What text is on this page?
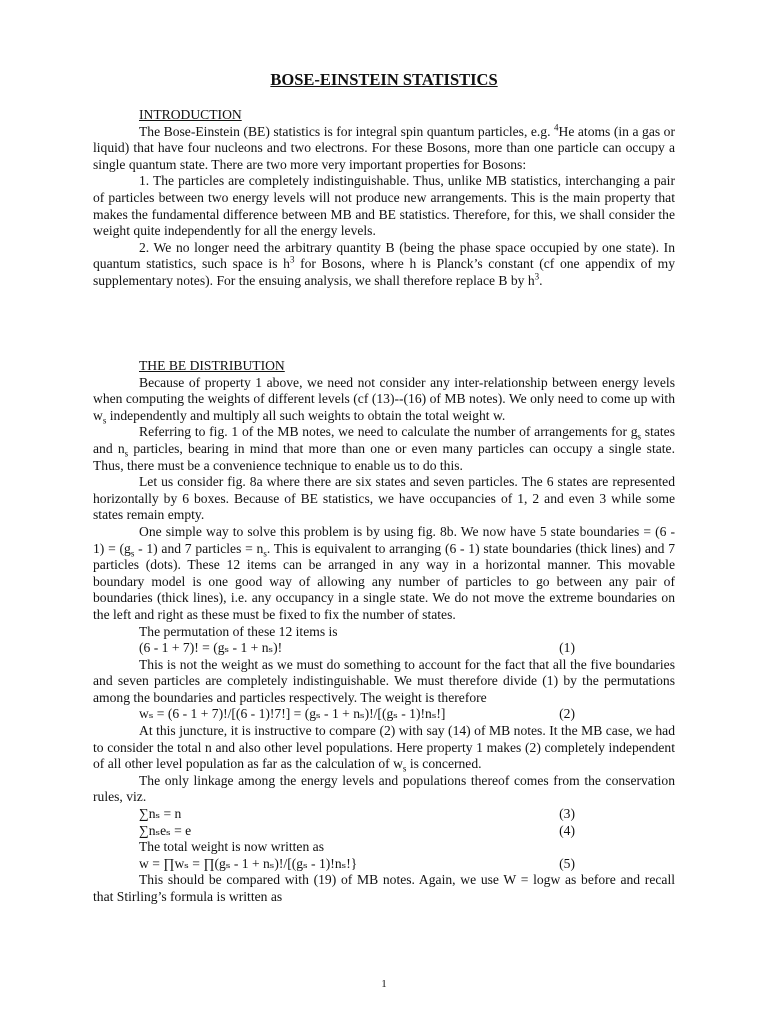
BOSE-EINSTEIN STATISTICS

INTRODUCTION

The Bose-Einstein (BE) statistics is for integral spin quantum particles, e.g. $^4$He atoms (in a gas or liquid) that have four nucleons and two electrons. For these Bosons, more than one particle can occupy a single quantum state. There are two more very important properties for Bosons:

1. The particles are completely indistinguishable. Thus, unlike MB statistics, interchanging a pair of particles between two energy levels will not produce new arrangements. This is the main property that makes the fundamental difference between MB and BE statistics. Therefore, for this, we shall consider the weight quite independently for all the energy levels.

2. We no longer need the arbitrary quantity B (being the phase space occupied by one state). In quantum statistics, such space is $h^3$ for Bosons, where h is Planck’s constant (cf one appendix of my supplementary notes). For the ensuing analysis, we shall therefore replace B by $h^3$.

THE BE DISTRIBUTION

Because of property 1 above, we need not consider any inter-relationship between energy levels when computing the weights of different levels (cf (13)--(16) of MB notes). We only need to come up with $w_s$ independently and multiply all such weights to obtain the total weight w.

Referring to fig. 1 of the MB notes, we need to calculate the number of arrangements for $g_s$ states and $n_s$ particles, bearing in mind that more than one or even many particles can occupy a single state. Thus, there must be a convenience technique to enable us to do this.

Let us consider fig. 8a where there are six states and seven particles. The 6 states are represented horizontally by 6 boxes. Because of BE statistics, we have occupancies of 1, 2 and even 3 while some states remain empty.

One simple way to solve this problem is by using fig. 8b. We now have 5 state boundaries = $(6 - 1) = (g_s - 1)$ and 7 particles = $n_s$. This is equivalent to arranging (6 - 1) state boundaries (thick lines) and 7 particles (dots). These 12 items can be arranged in any way in a horizontal manner. This movable boundary model is one good way of allowing any number of particles to go between any pair of boundaries (thick lines), i.e. any occupancy in a single state. We do not move the extreme boundaries on the left and right as these must be fixed to fix the number of states.

The permutation of these 12 items is

(6 - 1 + 7)! = (gₛ - 1 + nₛ)!	(1)

This is not the weight as we must do something to account for the fact that all the five boundaries and seven particles are completely indistinguishable. We must therefore divide (1) by the permutations among the boundaries and particles respectively. The weight is therefore

wₛ = (6 - 1 + 7)!/[(6 - 1)!7!] = (gₛ - 1 + nₛ)!/[(gₛ - 1)!nₛ!]	(2)

At this juncture, it is instructive to compare (2) with say (14) of MB notes. It the MB case, we had to consider the total n and also other level populations. Here property 1 makes (2) completely independent of all other level population as far as the calculation of $w_s$ is concerned.

The only linkage among the energy levels and populations thereof comes from the conservation rules, viz.

∑nₛ = n	(3)

∑nₛeₛ = e	(4)

The total weight is now written as

w = ∏wₛ = ∏(gₛ - 1 + nₛ)!/[(gₛ - 1)!nₛ!}	(5)

This should be compared with (19) of MB notes. Again, we use W = logw as before and recall that Stirling’s formula is written as

1
